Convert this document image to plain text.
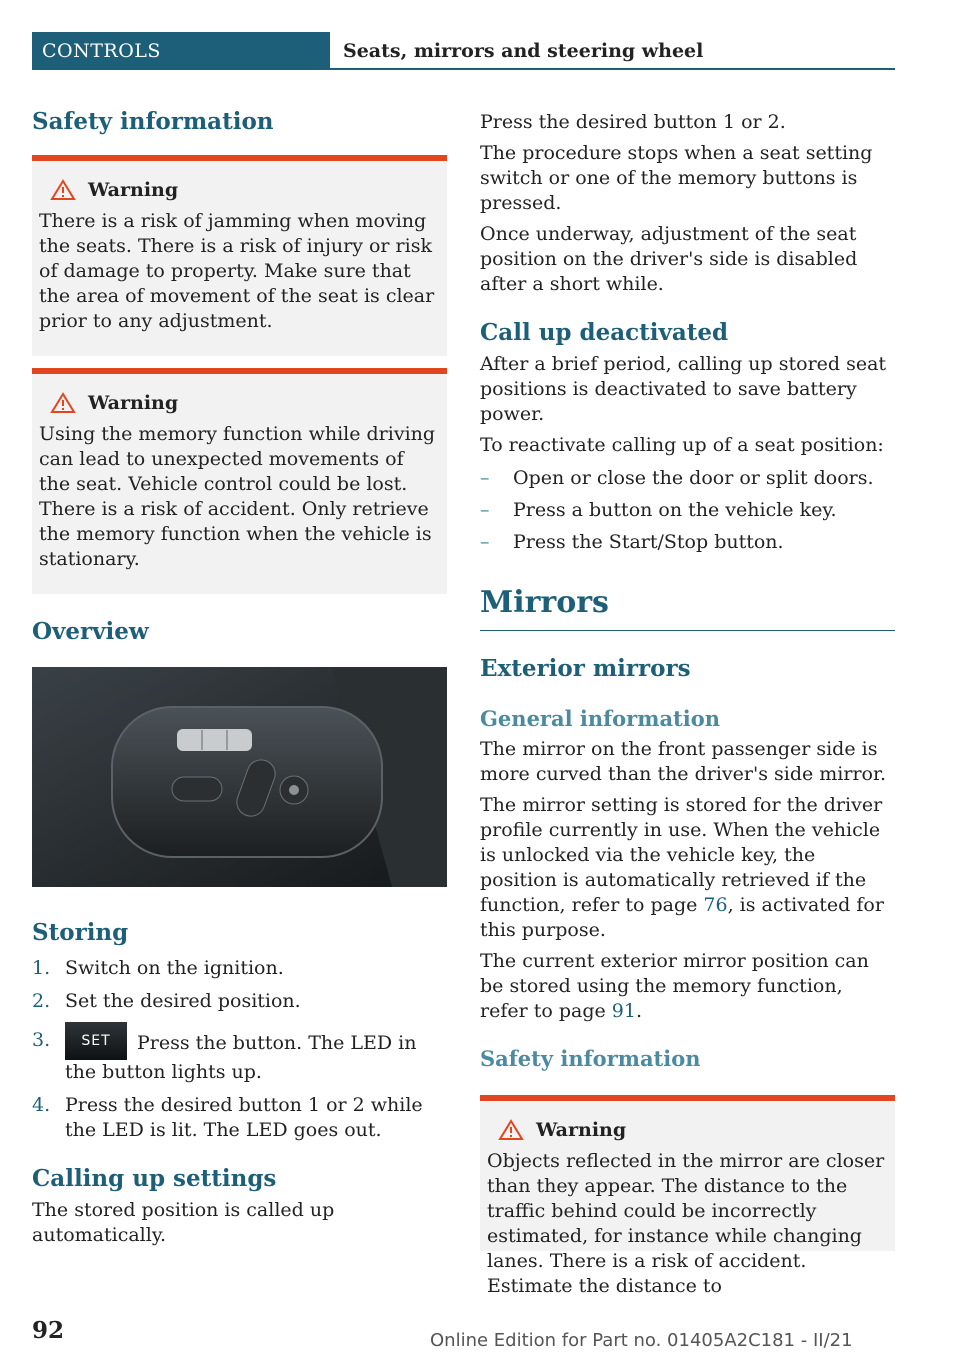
CONTROLS	Seats, mirrors and steering wheel
Safety information
Warning

There is a risk of jamming when moving the seats. There is a risk of injury or risk of damage to property. Make sure that the area of movement of the seat is clear prior to any adjustment.

Warning

Using the memory function while driving can lead to unexpected movements of the seat. Vehicle control could be lost. There is a risk of accident. Only retrieve the memory function when the vehicle is stationary.

Overview
Storing
1. Switch on the ignition.
2. Set the desired position.
3.	SET Press the button. The LED in the button lights up.
4. Press the desired button 1 or 2 while the LED is lit. The LED goes out.
Calling up settings

The stored position is called up automatically.

Press the desired button 1 or 2.

The procedure stops when a seat setting switch or one of the memory buttons is pressed.

Once underway, adjustment of the seat position on the driver's side is disabled after a short while.

Call up deactivated

After a brief period, calling up stored seat positions is deactivated to save battery power.

To reactivate calling up of a seat position:

–	Open or close the door or split doors.
–	Press a button on the vehicle key.
–	Press the Start/Stop button.
Mirrors
Exterior mirrors
General information

The mirror on the front passenger side is more curved than the driver's side mirror.

The mirror setting is stored for the driver profile currently in use. When the vehicle is unlocked via the vehicle key, the position is automatically retrieved if the function, refer to page 76, is activated for this purpose.

The current exterior mirror position can be stored using the memory function, refer to page 91.

Safety information
Warning

Objects reflected in the mirror are closer than they appear. The distance to the traffic behind could be incorrectly estimated, for instance while changing lanes. There is a risk of accident. Estimate the distance to

92	Online Edition for Part no. 01405A2C181 - II/21
